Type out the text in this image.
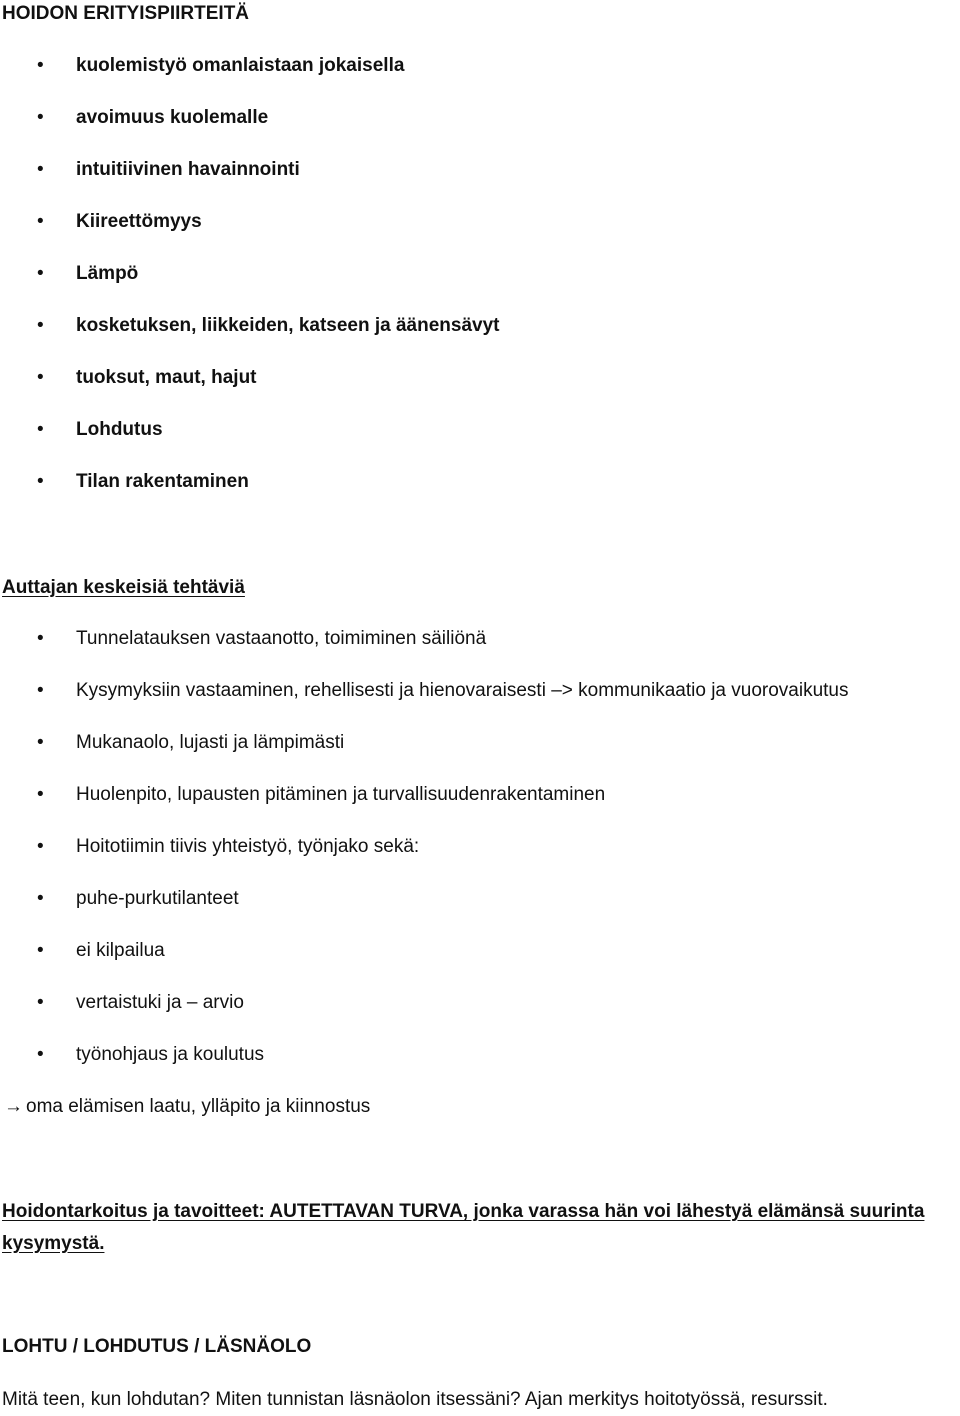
HOIDON ERITYISPIIRTEITÄ
• kuolemistyö omanlaistaan jokaisella
• avoimuus kuolemalle
• intuitiivinen havainnointi
• Kiireettömyys
• Lämpö
• kosketuksen, liikkeiden, katseen ja äänensävyt
• tuoksut, maut, hajut
• Lohdutus
• Tilan rakentaminen
Auttajan keskeisiä tehtäviä
• Tunnelatauksen vastaanotto, toimiminen säiliönä
• Kysymyksiin vastaaminen, rehellisesti ja hienovaraisesti –> kommunikaatio ja vuorovaikutus
• Mukanaolo, lujasti ja lämpimästi
• Huolenpito, lupausten pitäminen ja turvallisuudenrakentaminen
• Hoitotiimin tiivis yhteistyö, työnjako sekä:
• puhe-purkutilanteet
• ei kilpailua
• vertaistuki ja – arvio
• työnohjaus ja koulutus
→ oma elämisen laatu, ylläpito ja kiinnostus
Hoidontarkoitus ja tavoitteet: AUTETTAVAN TURVA, jonka varassa hän voi lähestyä elämänsä suurinta kysymystä.
LOHTU / LOHDUTUS / LÄSNÄOLO
Mitä teen, kun lohdutan? Miten tunnistan läsnäolon itsessäni? Ajan merkitys hoitotyössä, resurssit.
